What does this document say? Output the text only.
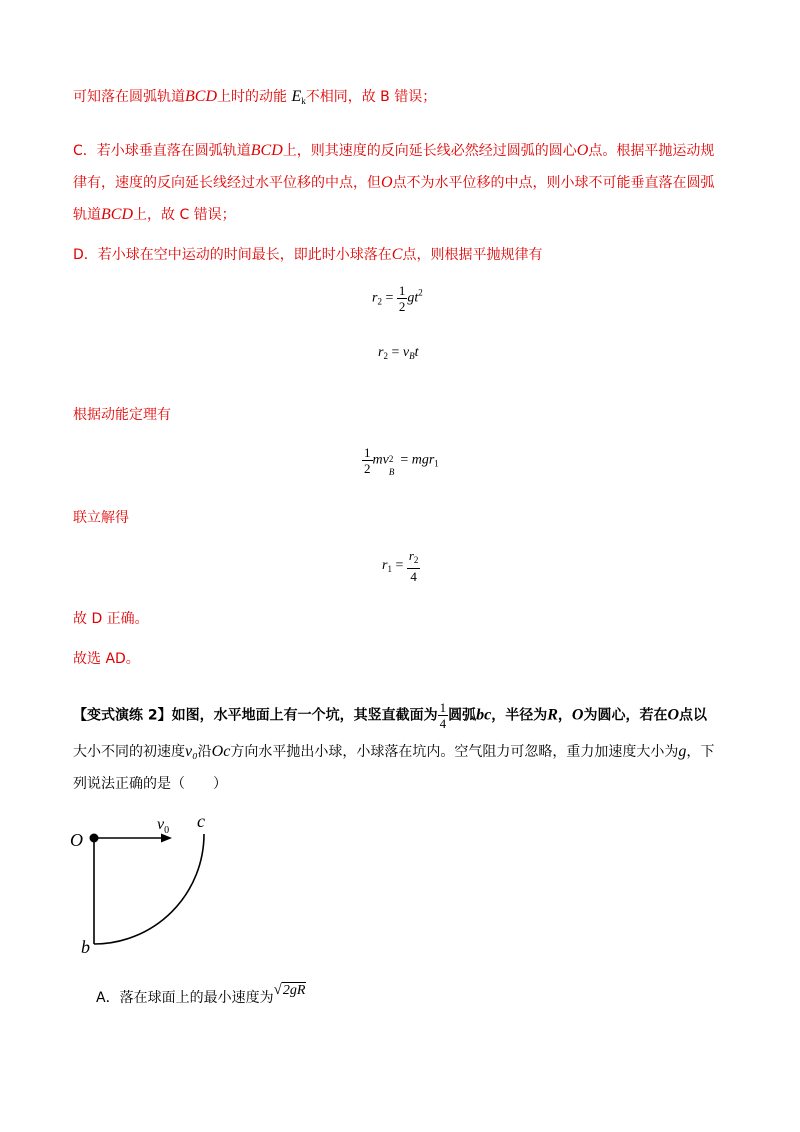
可知落在圆弧轨道BCD上时的动能 $E_k$不相同，故 B 错误；
C．若小球垂直落在圆弧轨道BCD上，则其速度的反向延长线必然经过圆弧的圆心O点。根据平抛运动规
律有，速度的反向延长线经过水平位移的中点，但O点不为水平位移的中点，则小球不可能垂直落在圆弧
轨道BCD上，故 C 错误；
D．若小球在空中运动的时间最长，即此时小球落在C点，则根据平抛规律有
$r_2 = \frac{1}{2} gt^2$
$r_2 = v_Bt$
根据动能定理有
$\frac{1}{2}$ mv 2
B
= mgr$_1$
联立解得
$r_1 = \frac{r_2}{4}$
故 D 正确。
故选 AD。
【变式演练 2】如图，水平地面上有一个坑，其竖直截面为 $\frac{1}{4}$ 圆弧bc，半径为R，O为圆心，若在O点以
大小不同的初速度v₀沿Oc方向水平抛出小球，小球落在坑内。空气阻力可忽略，重力加速度大小为g，下
列说法正确的是（　　）
O
$v_0$ c
b
A．落在球面上的最小速度为√2gR
